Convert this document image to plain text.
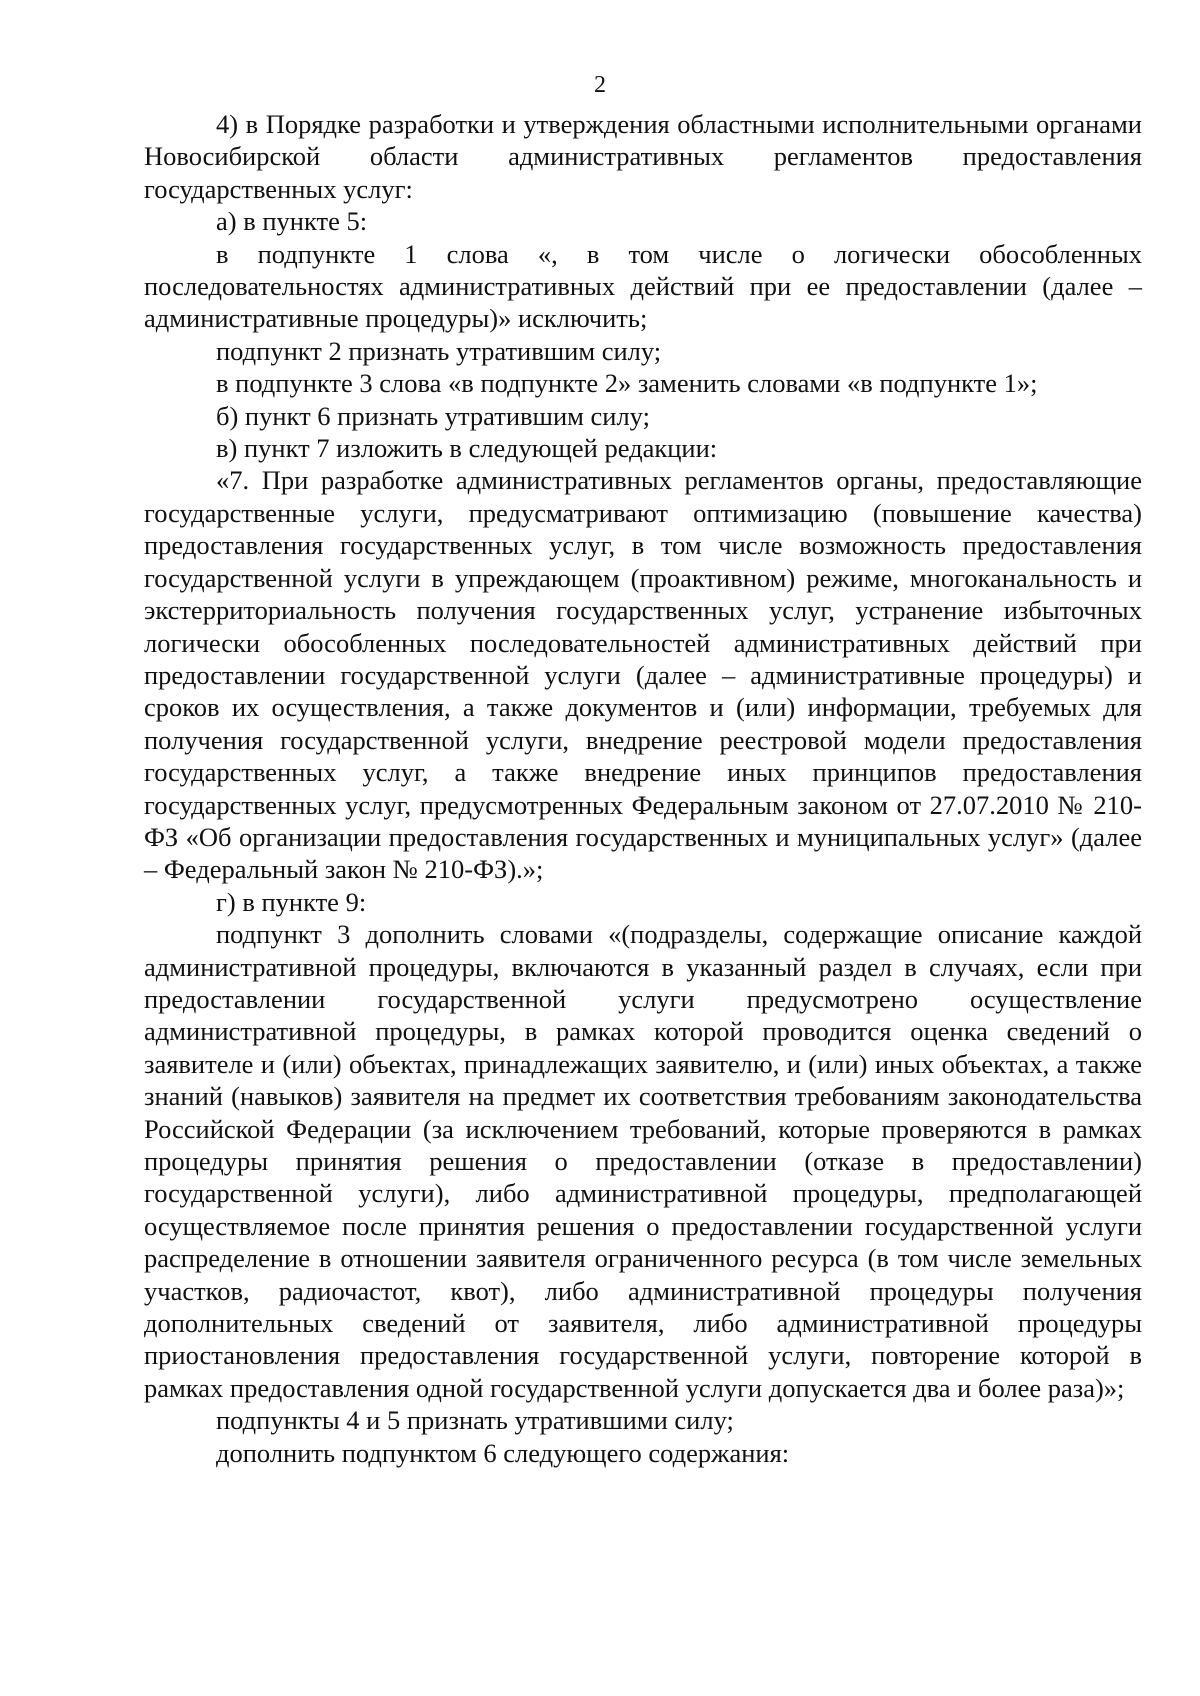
2

4) в Порядке разработки и утверждения областными исполнительными органами Новосибирской области административных регламентов предоставления государственных услуг:

а) в пункте 5:

в подпункте 1 слова «, в том числе о логически обособленных последовательностях административных действий при ее предоставлении (далее – административные процедуры)» исключить;

подпункт 2 признать утратившим силу;

в подпункте 3 слова «в подпункте 2» заменить словами «в подпункте 1»;

б) пункт 6 признать утратившим силу;

в) пункт 7 изложить в следующей редакции:

«7. При разработке административных регламентов органы, предоставляющие государственные услуги, предусматривают оптимизацию (повышение качества) предоставления государственных услуг, в том числе возможность предоставления государственной услуги в упреждающем (проактивном) режиме, многоканальность и экстерриториальность получения государственных услуг, устранение избыточных логически обособленных последовательностей административных действий при предоставлении государственной услуги (далее – административные процедуры) и сроков их осуществления, а также документов и (или) информации, требуемых для получения государственной услуги, внедрение реестровой модели предоставления государственных услуг, а также внедрение иных принципов предоставления государственных услуг, предусмотренных Федеральным законом от 27.07.2010 № 210-ФЗ «Об организации предоставления государственных и муниципальных услуг» (далее – Федеральный закон № 210-ФЗ).»;

г) в пункте 9:

подпункт 3 дополнить словами «(подразделы, содержащие описание каждой административной процедуры, включаются в указанный раздел в случаях, если при предоставлении государственной услуги предусмотрено осуществление административной процедуры, в рамках которой проводится оценка сведений о заявителе и (или) объектах, принадлежащих заявителю, и (или) иных объектах, а также знаний (навыков) заявителя на предмет их соответствия требованиям законодательства Российской Федерации (за исключением требований, которые проверяются в рамках процедуры принятия решения о предоставлении (отказе в предоставлении) государственной услуги), либо административной процедуры, предполагающей осуществляемое после принятия решения о предоставлении государственной услуги распределение в отношении заявителя ограниченного ресурса (в том числе земельных участков, радиочастот, квот), либо административной процедуры получения дополнительных сведений от заявителя, либо административной процедуры приостановления предоставления государственной услуги, повторение которой в рамках предоставления одной государственной услуги допускается два и более раза)»;

подпункты 4 и 5 признать утратившими силу;

дополнить подпунктом 6 следующего содержания:
